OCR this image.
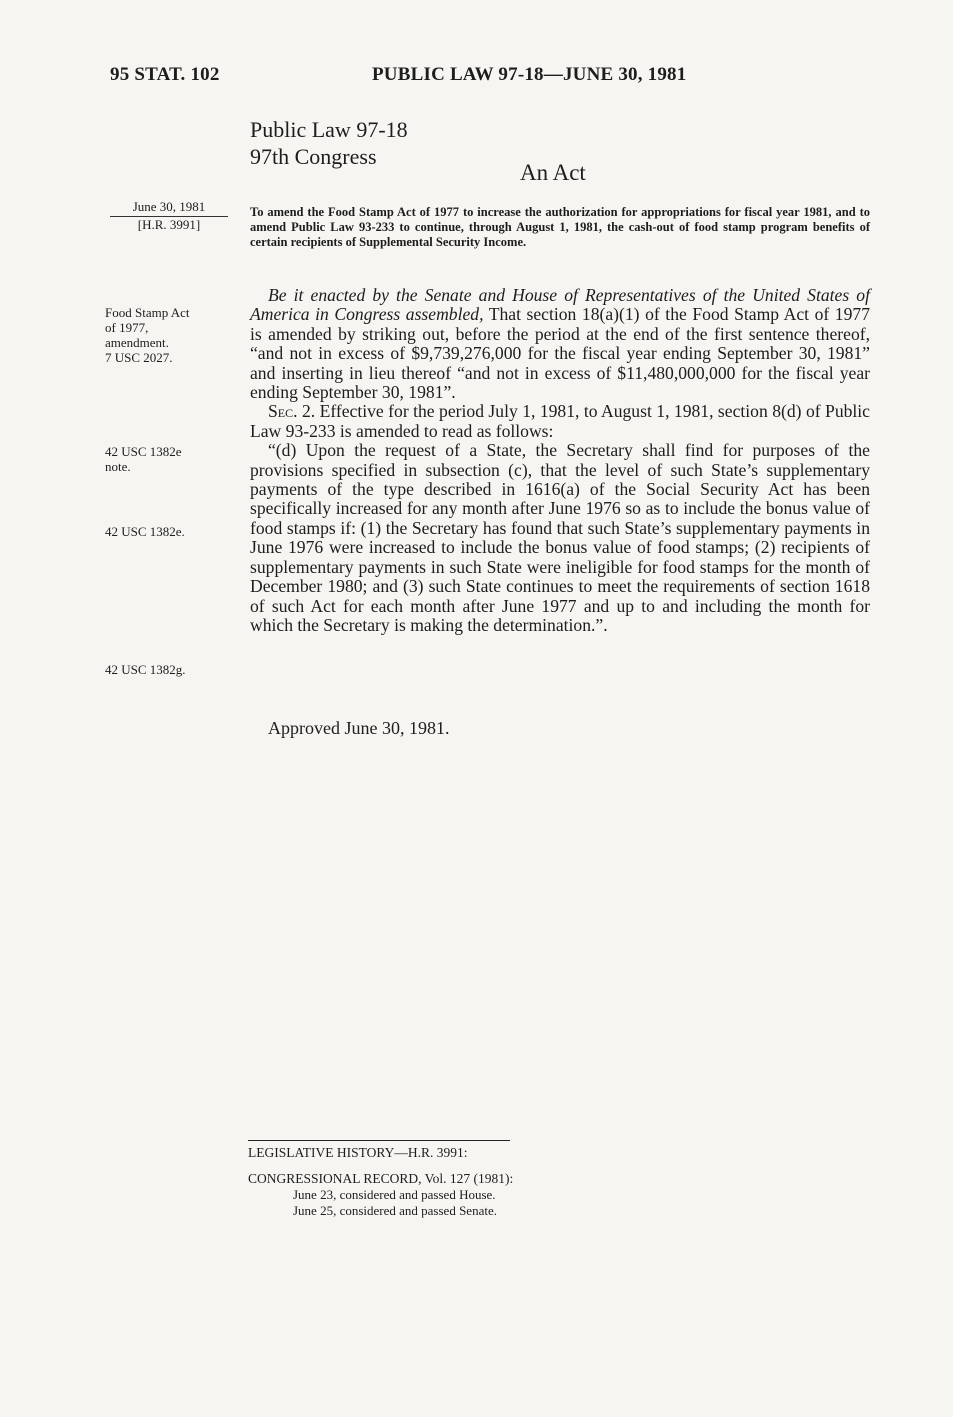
95 STAT. 102	PUBLIC LAW 97-18—JUNE 30, 1981
Public Law 97-18
97th Congress
An Act
June 30, 1981
[H.R. 3991]
To amend the Food Stamp Act of 1977 to increase the authorization for appropriations for fiscal year 1981, and to amend Public Law 93-233 to continue, through August 1, 1981, the cash-out of food stamp program benefits of certain recipients of Supplemental Security Income.
Food Stamp Act
of 1977,
amendment.
7 USC 2027.
42 USC 1382e
note.
42 USC 1382e.
42 USC 1382g.

Be it enacted by the Senate and House of Representatives of the United States of America in Congress assembled, That section 18(a)(1) of the Food Stamp Act of 1977 is amended by striking out, before the period at the end of the first sentence thereof, “and not in excess of $9,739,276,000 for the fiscal year ending September 30, 1981” and inserting in lieu thereof “and not in excess of $11,480,000,000 for the fiscal year ending September 30, 1981”.

Sec. 2. Effective for the period July 1, 1981, to August 1, 1981, section 8(d) of Public Law 93-233 is amended to read as follows:

“(d) Upon the request of a State, the Secretary shall find for purposes of the provisions specified in subsection (c), that the level of such State’s supplementary payments of the type described in 1616(a) of the Social Security Act has been specifically increased for any month after June 1976 so as to include the bonus value of food stamps if: (1) the Secretary has found that such State’s supplementary payments in June 1976 were increased to include the bonus value of food stamps; (2) recipients of supplementary payments in such State were ineligible for food stamps for the month of December 1980; and (3) such State continues to meet the requirements of section 1618 of such Act for each month after June 1977 and up to and including the month for which the Secretary is making the determination.”.

Approved June 30, 1981.
LEGISLATIVE HISTORY—H.R. 3991:
CONGRESSIONAL RECORD, Vol. 127 (1981):
June 23, considered and passed House.
June 25, considered and passed Senate.
